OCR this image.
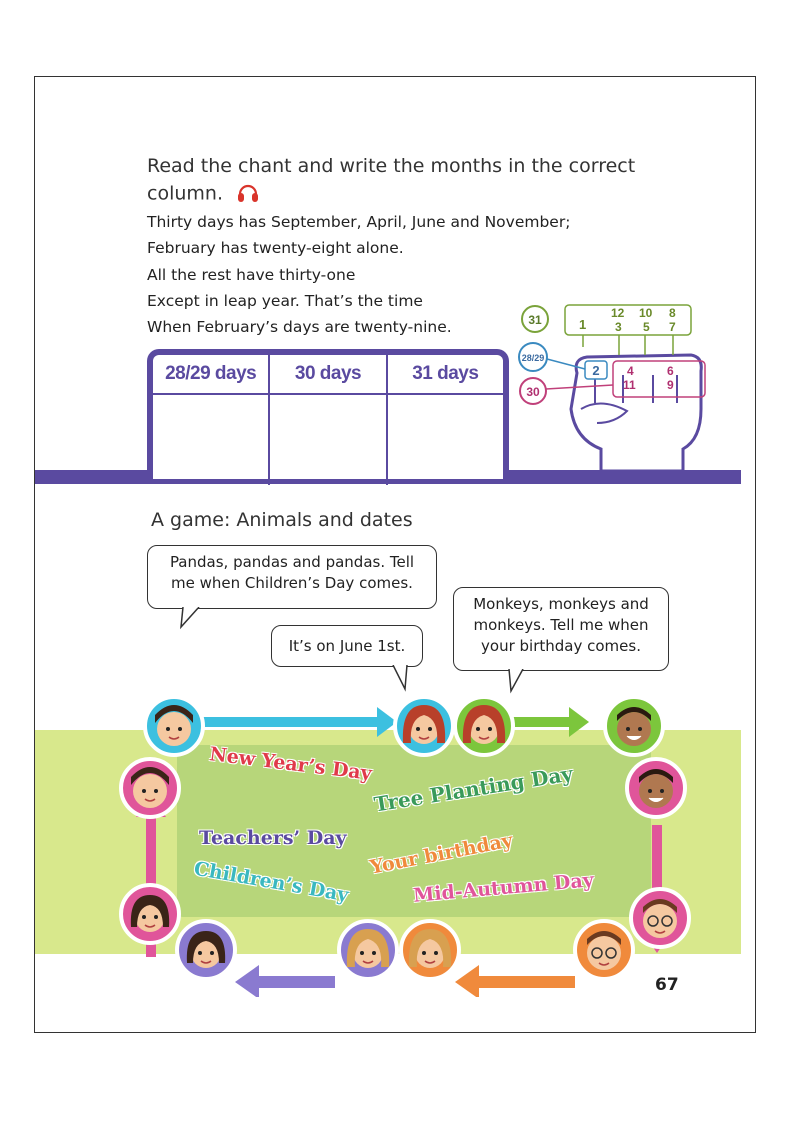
Read the chant and write the months in the correct column.
Thirty days has September, April, June and November;
February has twenty-eight alone.
All the rest have thirty-one
Except in leap year. That’s the time
When February’s days are twenty-nine.
28/29 days	30 days	31 days
31	1
12
3
10
5
8
7
28/29
2
30
4
11
6
9
A game: Animals and dates
Pandas, pandas and pandas. Tell me when Children’s Day comes.
It’s on June 1st.
Monkeys, monkeys and monkeys. Tell me when your birthday comes.
New Year’s Day Tree Planting Day
Teachers’ Day Your birthday
Children’s Day	Mid-Autumn Day
67
